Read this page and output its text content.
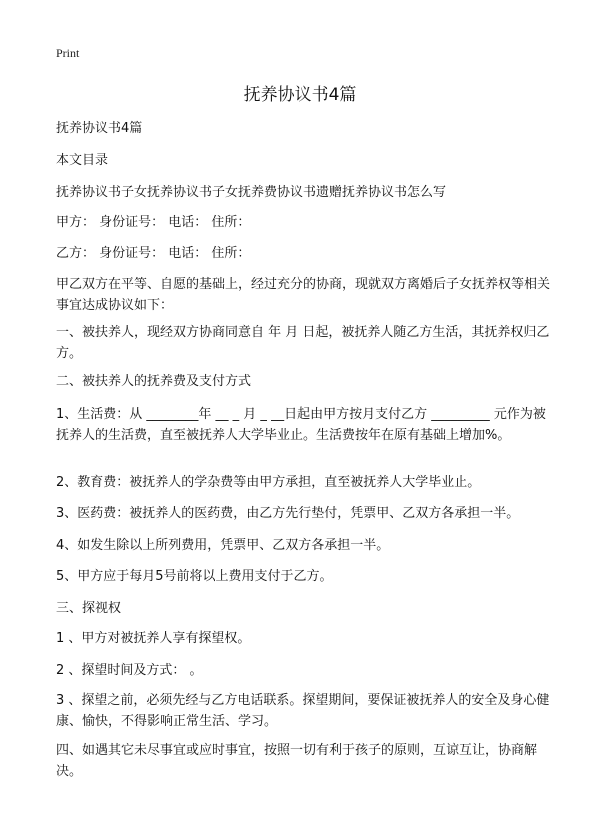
Print
抚养协议书4篇

抚养协议书4篇

本文目录

抚养协议书子女抚养协议书子女抚养费协议书遗赠抚养协议书怎么写

甲方： 身份证号： 电话： 住所：

乙方： 身份证号： 电话： 住所：

甲乙双方在平等、自愿的基础上，经过充分的协商，现就双方离婚后子女抚养权等相关事宜达成协议如下：

一、被扶养人，现经双方协商同意自 年 月 日起，被抚养人随乙方生活，其抚养权归乙方。

二、被扶养人的抚养费及支付方式

1、生活费：从 ________年 __ _ 月 _ __日起由甲方按月支付乙方 _________ 元作为被抚养人的生活费，直至被抚养人大学毕业止。生活费按年在原有基础上增加%。

2、教育费：被抚养人的学杂费等由甲方承担，直至被抚养人大学毕业止。

3、医药费：被抚养人的医药费，由乙方先行垫付，凭票甲、乙双方各承担一半。

4、如发生除以上所列费用，凭票甲、乙双方各承担一半。

5、甲方应于每月5号前将以上费用支付于乙方。

三、探视权

1 、甲方对被抚养人享有探望权。

2 、探望时间及方式： 。

3 、探望之前，必须先经与乙方电话联系。探望期间，要保证被抚养人的安全及身心健康、愉快，不得影响正常生活、学习。

四、如遇其它未尽事宜或应时事宜，按照一切有利于孩子的原则，互谅互让，协商解决。
